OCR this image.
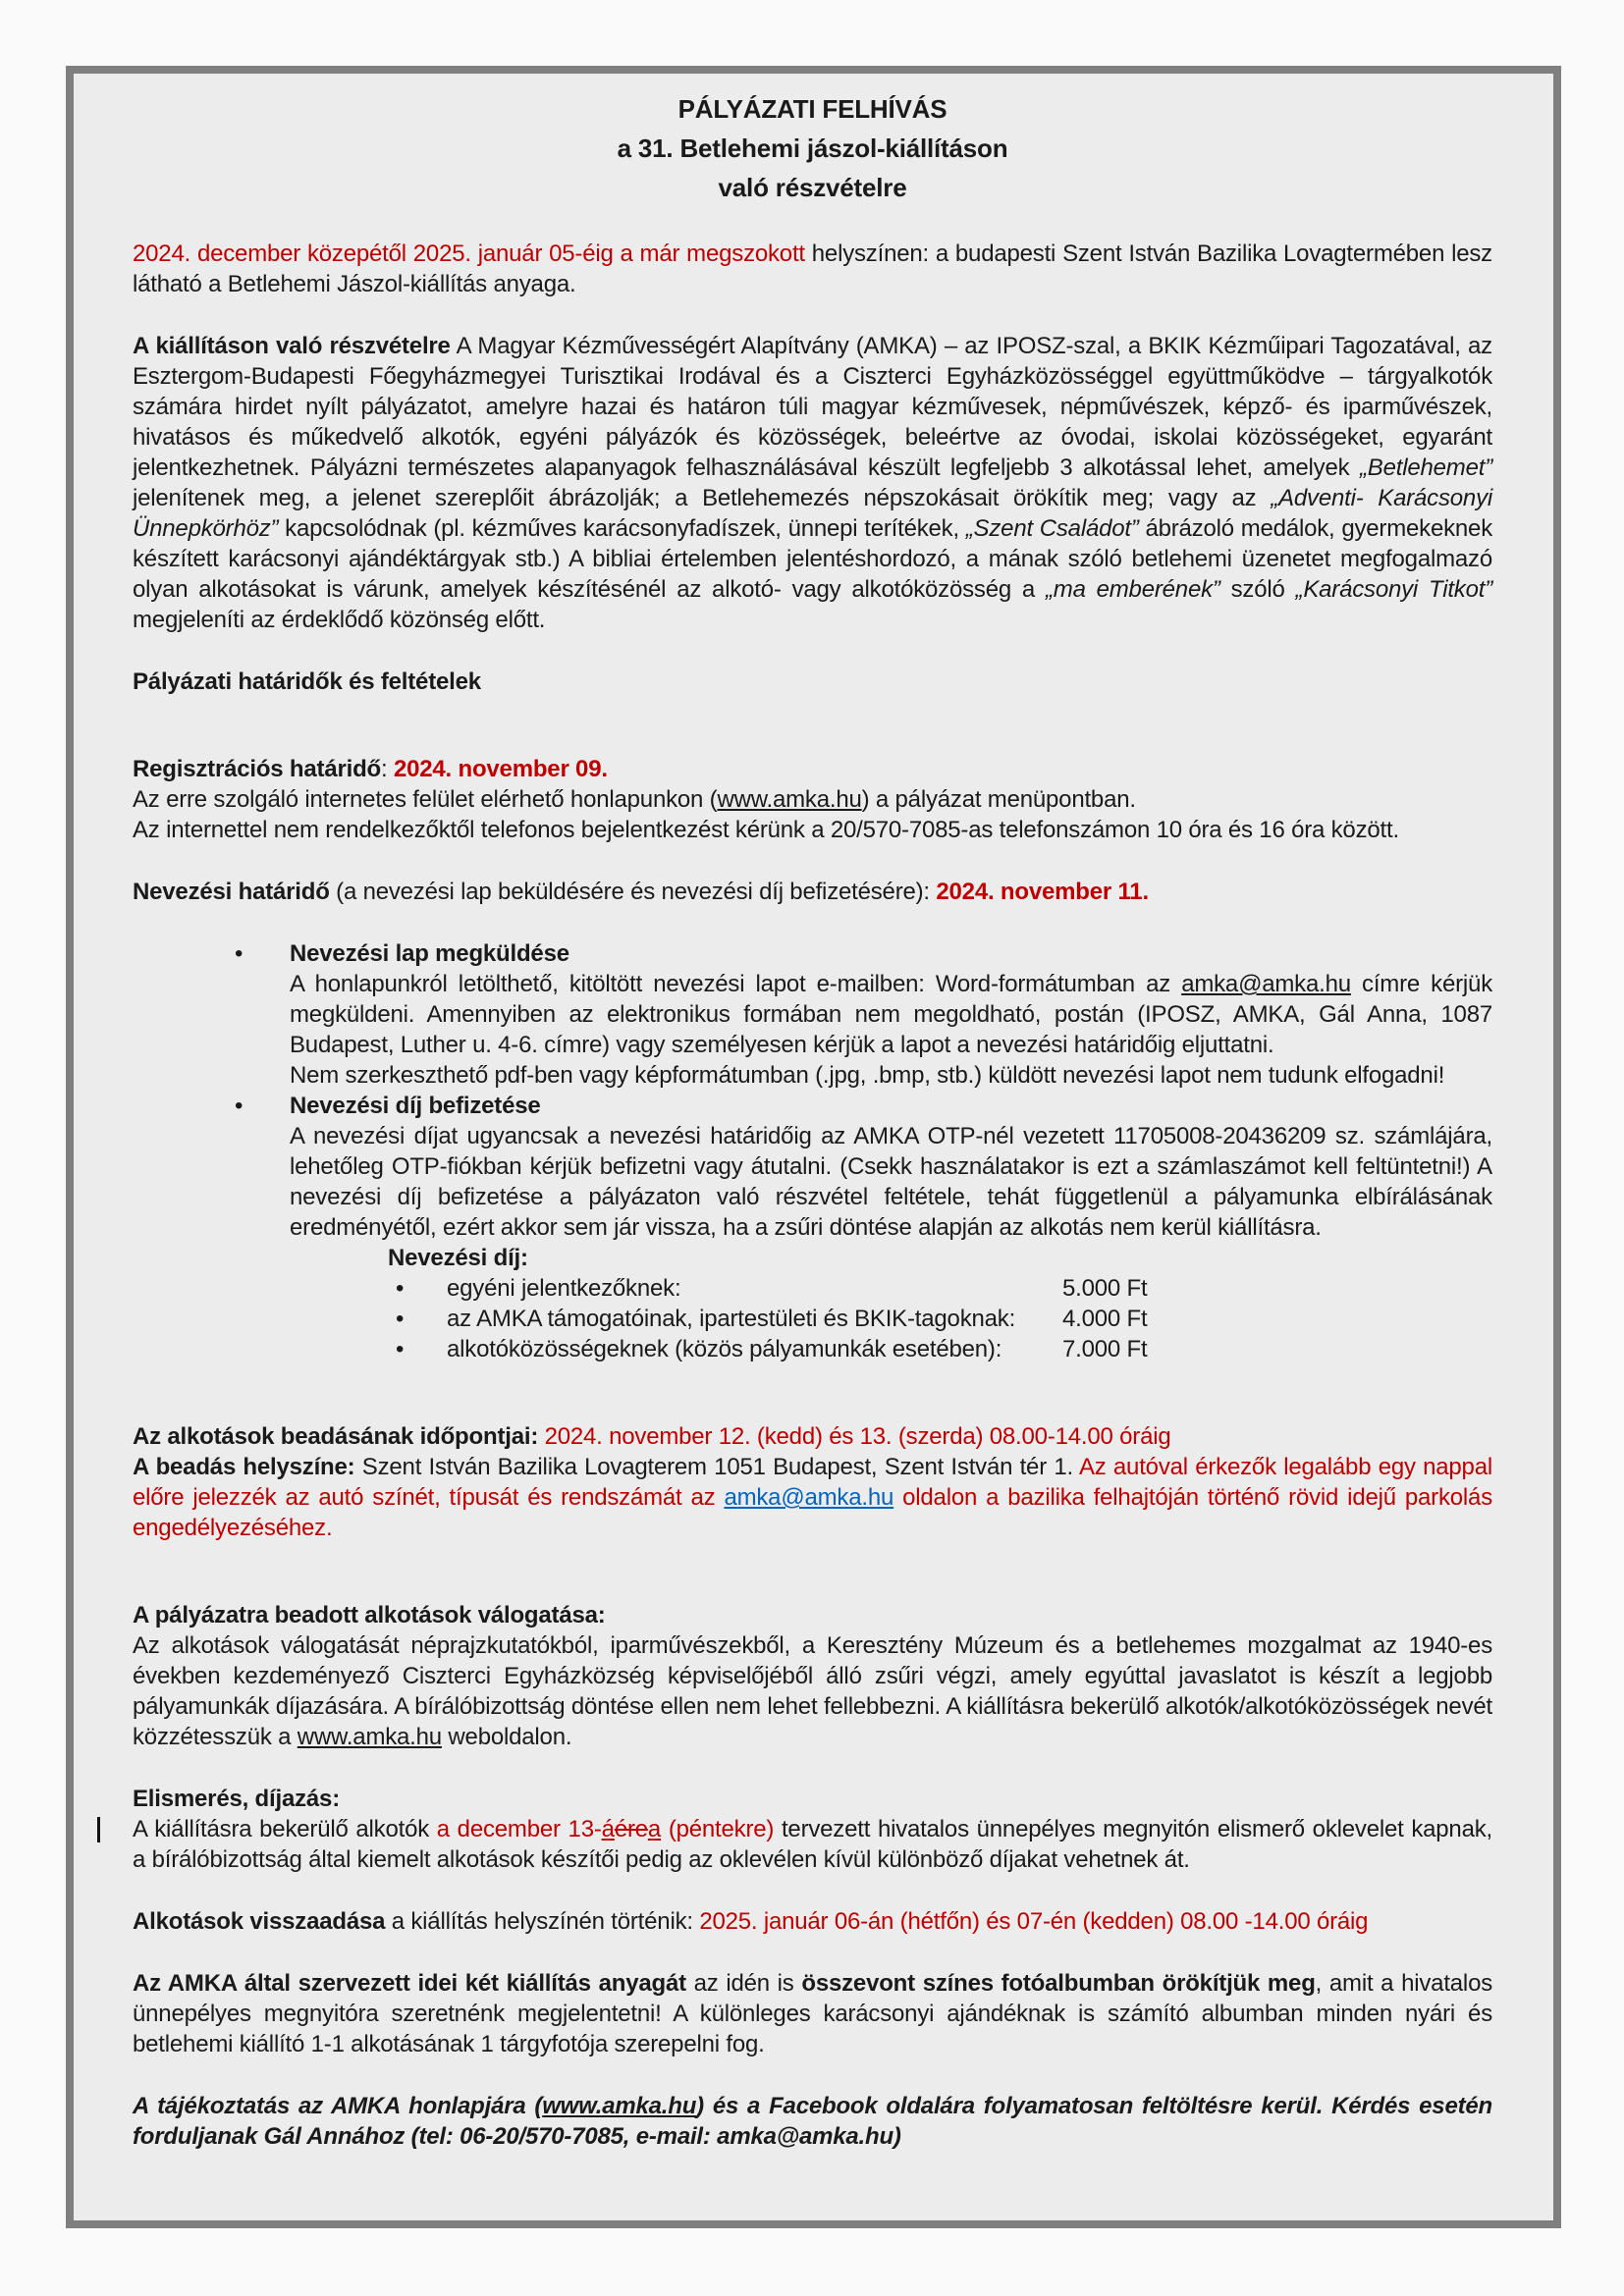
PÁLYÁZATI FELHÍVÁS
a 31. Betlehemi jászol-kiállításon
való részvételre
2024. december közepétől 2025. január 05-éig a már megszokott helyszínen: a budapesti Szent István Bazilika Lovagtermében lesz látható a Betlehemi Jászol-kiállítás anyaga.
A kiállításon való részvételre A Magyar Kézművességért Alapítvány (AMKA) – az IPOSZ-szal, a BKIK Kézműipari Tagozatával, az Esztergom-Budapesti Főegyházmegyei Turisztikai Irodával és a Ciszterci Egyházközösséggel együttműködve – tárgyalkotók számára hirdet nyílt pályázatot, amelyre hazai és határon túli magyar kézművesek, népművészek, képző- és iparművészek, hivatásos és műkedvelő alkotók, egyéni pályázók és közösségek, beleértve az óvodai, iskolai közösségeket, egyaránt jelentkezhetnek. Pályázni természetes alapanyagok felhasználásával készült legfeljebb 3 alkotással lehet, amelyek „Betlehemet” jelenítenek meg, a jelenet szereplőit ábrázolják; a Betlehemezés népszokásait örökítik meg; vagy az „Adventi- Karácsonyi Ünnepkörhöz” kapcsolódnak (pl. kézműves karácsonyfadíszek, ünnepi terítékek, „Szent Családot” ábrázoló medálok, gyermekeknek készített karácsonyi ajándéktárgyak stb.) A bibliai értelemben jelentéshordozó, a mának szóló betlehemi üzenetet megfogalmazó olyan alkotásokat is várunk, amelyek készítésénél az alkotó- vagy alkotóközösség a „ma emberének” szóló „Karácsonyi Titkot” megjeleníti az érdeklődő közönség előtt.
Pályázati határidők és feltételek
Regisztrációs határidő: 2024. november 09.
Az erre szolgáló internetes felület elérhető honlapunkon (www.amka.hu) a pályázat menüpontban.
Az internettel nem rendelkezőktől telefonos bejelentkezést kérünk a 20/570-7085-as telefonszámon 10 óra és 16 óra között.
Nevezési határidő (a nevezési lap beküldésére és nevezési díj befizetésére): 2024. november 11.
• Nevezési lap megküldése
A honlapunkról letölthető, kitöltött nevezési lapot e-mailben: Word-formátumban az amka@amka.hu címre kérjük megküldeni. Amennyiben az elektronikus formában nem megoldható, postán (IPOSZ, AMKA, Gál Anna, 1087 Budapest, Luther u. 4-6. címre) vagy személyesen kérjük a lapot a nevezési határidőig eljuttatni.
Nem szerkeszthető pdf-ben vagy képformátumban (.jpg, .bmp, stb.) küldött nevezési lapot nem tudunk elfogadni!
• Nevezési díj befizetése
A nevezési díjat ugyancsak a nevezési határidőig az AMKA OTP-nél vezetett 11705008-20436209 sz. számlájára, lehetőleg OTP-fiókban kérjük befizetni vagy átutalni. (Csekk használatakor is ezt a számlaszámot kell feltüntetni!) A nevezési díj befizetése a pályázaton való részvétel feltétele, tehát függetlenül a pályamunka elbírálásának eredményétől, ezért akkor sem jár vissza, ha a zsűri döntése alapján az alkotás nem kerül kiállításra.
Nevezési díj:
• egyéni jelentkezőknek:	5.000 Ft
• az AMKA támogatóinak, ipartestületi és BKIK-tagoknak: 4.000 Ft
• alkotóközösségeknek (közös pályamunkák esetében):	7.000 Ft
Az alkotások beadásának időpontjai: 2024. november 12. (kedd) és 13. (szerda) 08.00-14.00 óráig
A beadás helyszíne: Szent István Bazilika Lovagterem 1051 Budapest, Szent István tér 1. Az autóval érkezők legalább egy nappal előre jelezzék az autó színét, típusát és rendszámát az amka@amka.hu oldalon a bazilika felhajtóján történő rövid idejű parkolás engedélyezéséhez.
A pályázatra beadott alkotások válogatása:
Az alkotások válogatását néprajzkutatókból, iparművészekből, a Keresztény Múzeum és a betlehemes mozgalmat az 1940-es években kezdeményező Ciszterci Egyházközség képviselőjéből álló zsűri végzi, amely egyúttal javaslatot is készít a legjobb pályamunkák díjazására. A bírálóbizottság döntése ellen nem lehet fellebbezni. A kiállításra bekerülő alkotók/alkotóközösségek nevét közzétesszük a www.amka.hu weboldalon.
Elismerés, díjazás:
A kiállításra bekerülő alkotók a december 13-áérea (péntekre) tervezett hivatalos ünnepélyes megnyitón elismerő oklevelet kapnak, a bírálóbizottság által kiemelt alkotások készítői pedig az oklevélen kívül különböző díjakat vehetnek át.
Alkotások visszaadása a kiállítás helyszínén történik: 2025. január 06-án (hétfőn) és 07-én (kedden) 08.00 -14.00 óráig
Az AMKA által szervezett idei két kiállítás anyagát az idén is összevont színes fotóalbumban örökítjük meg, amit a hivatalos ünnepélyes megnyitóra szeretnénk megjelentetni! A különleges karácsonyi ajándéknak is számító albumban minden nyári és betlehemi kiállító 1-1 alkotásának 1 tárgyfotója szerepelni fog.
A tájékoztatás az AMKA honlapjára (www.amka.hu) és a Facebook oldalára folyamatosan feltöltésre kerül. Kérdés esetén forduljanak Gál Annához (tel: 06-20/570-7085, e-mail: amka@amka.hu)
